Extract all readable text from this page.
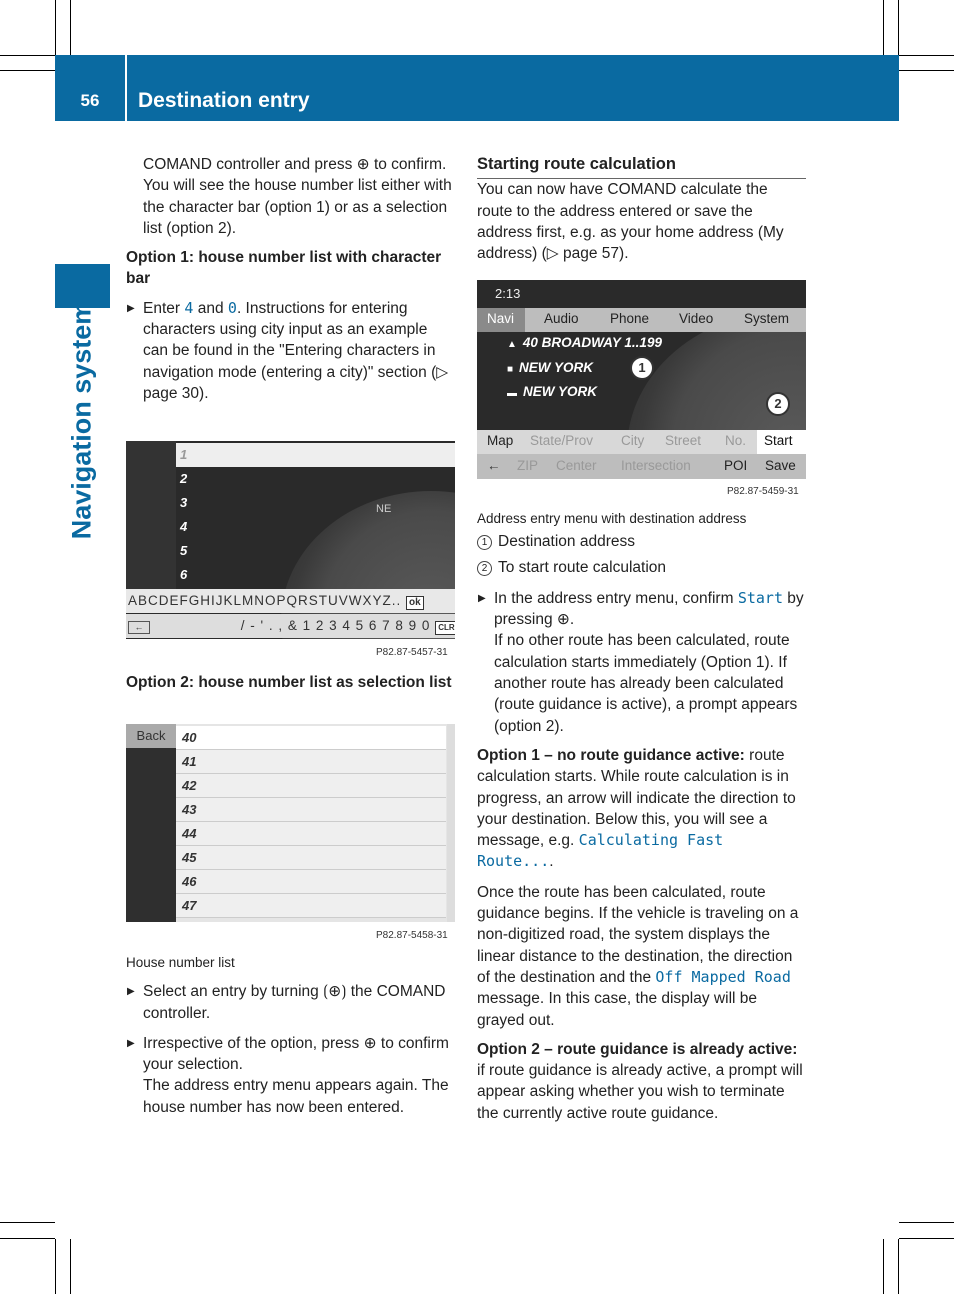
56	Destination entry
Navigation system

COMAND controller and press ⊕ to confirm.

You will see the house number list either with the character bar (option 1) or as a selection list (option 2).

Option 1: house number list with character bar

▶ Enter 4 and 0. Instructions for entering characters using city input as an example can be found in the "Entering characters in navigation mode (entering a city)" section (▷ page 30).

NE
1
2
3
4
5
6
ABCDEFGHIJKLMNOPQRSTUVWXYZ.. ok
←	/ - ' . , & 1 2 3 4 5 6 7 8 9 0 CLR
P82.87-5457-31

Option 2: house number list as selection list

Back	40
41
42
43
44
45
46
47
P82.87-5458-31

House number list

▶ Select an entry by turning ⟮⊕⟯ the COMAND controller.

▶ Irrespective of the option, press ⊕ to confirm your selection.

The address entry menu appears again. The house number has now been entered.

Starting route calculation

You can now have COMAND calculate the route to the address entered or save the address first, e.g. as your home address (My address) (▷ page 57).

2:13
Navi	Audio Phone Video System
▲ 40 BROADWAY 1..199
■ NEW YORK
▬ NEW YORK
1
2
Map State/Prov City Street No.	Start
← ZIP Center Intersection POI Save
P82.87-5459-31

Address entry menu with destination address

1 Destination address

2 To start route calculation

▶ In the address entry menu, confirm Start by pressing ⊕.

If no other route has been calculated, route calculation starts immediately (Option 1). If another route has already been calculated (route guidance is active), a prompt appears (option 2).

Option 1 – no route guidance active: route calculation starts. While route calculation is in progress, an arrow will indicate the direction to your destination. Below this, you will see a message, e.g. Calculating Fast Route....

Once the route has been calculated, route guidance begins. If the vehicle is traveling on a non-digitized road, the system displays the linear distance to the destination, the direction of the destination and the Off Mapped Road message. In this case, the display will be grayed out.

Option 2 – route guidance is already active: if route guidance is already active, a prompt will appear asking whether you wish to terminate the currently active route guidance.
